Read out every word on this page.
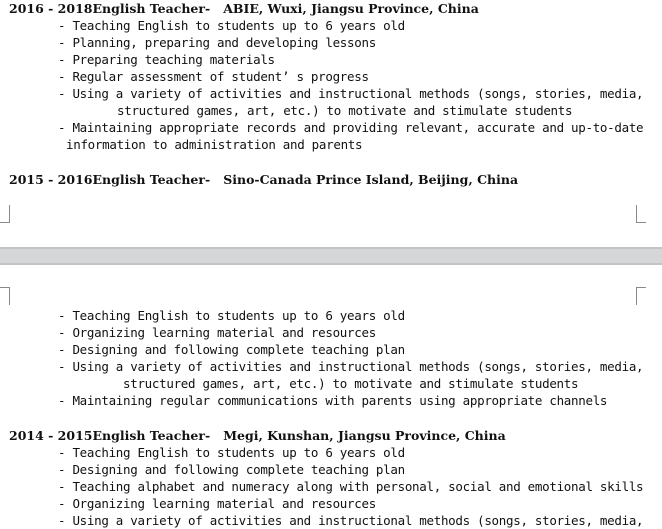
2016 - 2018English Teacher-   ABIE, Wuxi, Jiangsu Province, China
- Teaching English to students up to 6 years old
- Planning, preparing and developing lessons
- Preparing teaching materials
- Regular assessment of student’ s progress
- Using a variety of activities and instructional methods (songs, stories, media,
structured games, art, etc.) to motivate and stimulate students
- Maintaining appropriate records and providing relevant, accurate and up-to-date
information to administration and parents
2015 - 2016English Teacher-   Sino-Canada Prince Island, Beijing, China
- Teaching English to students up to 6 years old
- Organizing learning material and resources
- Designing and following complete teaching plan
- Using a variety of activities and instructional methods (songs, stories, media,
structured games, art, etc.) to motivate and stimulate students
- Maintaining regular communications with parents using appropriate channels
2014 - 2015English Teacher-   Megi, Kunshan, Jiangsu Province, China
- Teaching English to students up to 6 years old
- Designing and following complete teaching plan
- Teaching alphabet and numeracy along with personal, social and emotional skills
- Organizing learning material and resources
- Using a variety of activities and instructional methods (songs, stories, media,
